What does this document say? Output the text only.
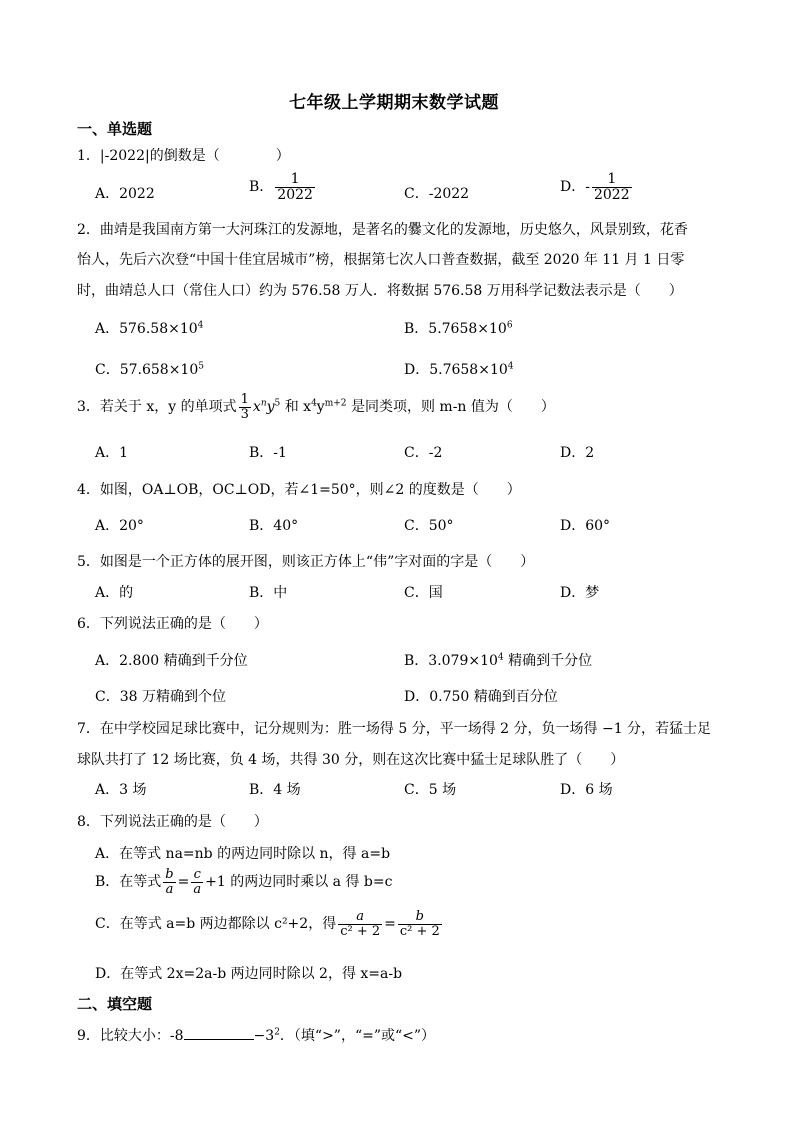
七年级上学期期末数学试题
一、单选题
1．|-2022|的倒数是（　　　　）
A．2022	B． $\frac{1}{2022}$	C．-2022	D．- $\frac{1}{2022}$
2．曲靖是我国南方第一大河珠江的发源地，是著名的爨文化的发源地，历史悠久，风景别致，花香
怡人，先后六次登“中国十佳宜居城市”榜，根据第七次人口普查数据，截至 2020 年 11 月 1 日零
时，曲靖总人口（常住人口）约为 576.58 万人．将数据 576.58 万用科学记数法表示是（　　）
A．$576.58\times 10^4$	B．$5.7658\times 10^6$
C．$57.658\times 10^5$	D．$5.7658\times 10^4$
3．若关于 x，y 的单项式 $\frac{1}{3} x^ny^5$ 和 $x^4y^{m+2}$ 是同类项，则 m-n 值为（　　）
A．1	B．-1	C．-2	D．2
4．如图，OA⊥OB，OC⊥OD，若∠1=50°，则∠2 的度数是（　　）
A．20°	B．40°	C．50°	D．60°
5．如图是一个正方体的展开图，则该正方体上“伟”字对面的字是（　　）
A．的	B．中	C．国	D．梦
6．下列说法正确的是（　　）
A．2.800 精确到千分位	B．$3.079\times 10^4$ 精确到千分位
C．38 万精确到个位	D．0.750 精确到百分位
7．在中学校园足球比赛中，记分规则为：胜一场得 5 分，平一场得 2 分，负一场得 −1 分，若猛士足
球队共打了 12 场比赛，负 4 场，共得 30 分，则在这次比赛中猛士足球队胜了（　　）
A．3 场	B．4 场	C．5 场	D．6 场
8．下列说法正确的是（　　）
A．在等式 na=nb 的两边同时除以 n，得 a=b
B．在等式 $\frac{b}{a} = \frac{c}{a} +1$ 的两边同时乘以 a 得 b=c
C．在等式 a=b 两边都除以 c²+2，得 $\frac{a}{\text{c² + 2}} = \frac{b}{\text{c² + 2}}$
D．在等式 2x=2a-b 两边同时除以 2，得 x=a-b
二、填空题
9．比较大小：-8	$-3^2$．（填“>”，“=”或“<”）
